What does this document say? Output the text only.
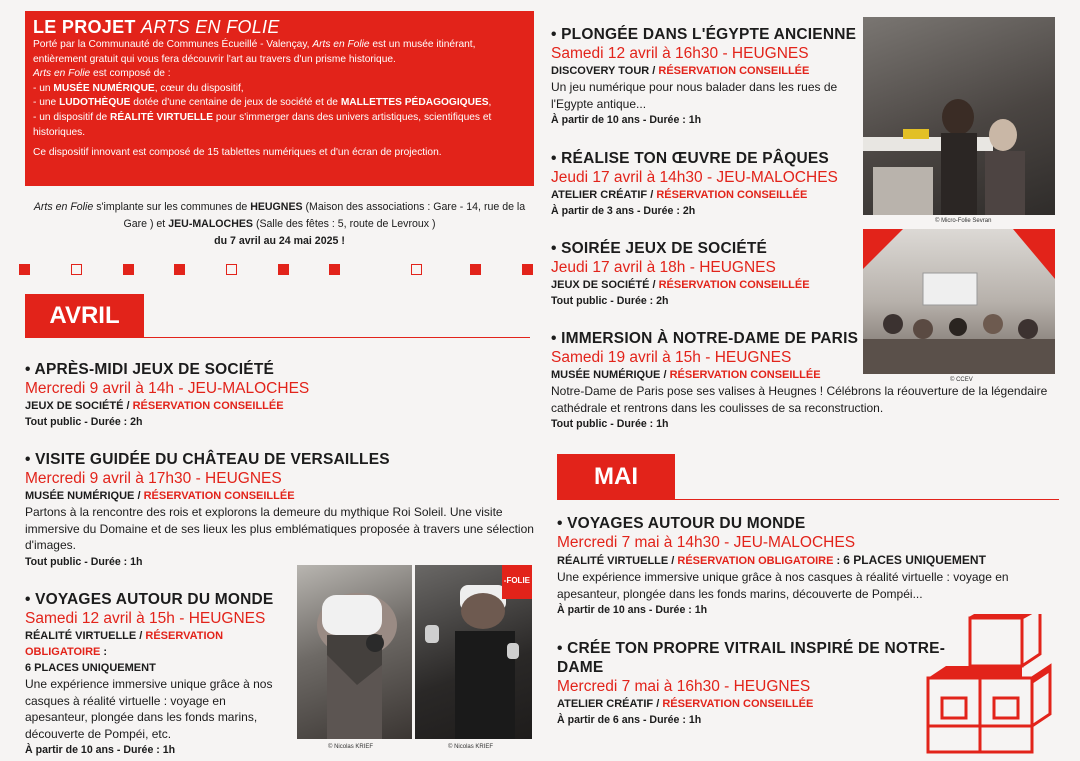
LE PROJET ARTS EN FOLIE

Porté par la Communauté de Communes Écueillé - Valençay, Arts en Folie est un musée itinérant, entièrement gratuit qui vous fera découvrir l'art au travers d'un prisme historique.

Arts en Folie est composé de :

- un MUSÉE NUMÉRIQUE, cœur du dispositif,

- une LUDOTHÈQUE dotée d'une centaine de jeux de société et de MALLETTES PÉDAGOGIQUES,

- un dispositif de RÉALITÉ VIRTUELLE pour s'immerger dans des univers artistiques, scientifiques et historiques.

Ce dispositif innovant est composé de 15 tablettes numériques et d'un écran de projection.

Arts en Folie s'implante sur les communes de HEUGNES (Maison des associations : Gare - 14, rue de la Gare ) et JEU-MALOCHES (Salle des fêtes : 5, route de Levroux )
du 7 avril au 24 mai 2025 !
AVRIL
• APRÈS-MIDI JEUX DE SOCIÉTÉ
Mercredi 9 avril à 14h - JEU-MALOCHES
JEUX DE SOCIÉTÉ / RÉSERVATION CONSEILLÉE
Tout public - Durée : 2h
• VISITE GUIDÉE DU CHÂTEAU DE VERSAILLES
Mercredi 9 avril à 17h30 - HEUGNES
MUSÉE NUMÉRIQUE / RÉSERVATION CONSEILLÉE
Partons à la rencontre des rois et explorons la demeure du mythique Roi Soleil. Une visite immersive du Domaine et de ses lieux les plus emblématiques proposée à travers une sélection d'images.
Tout public - Durée : 1h
• VOYAGES AUTOUR DU MONDE
Samedi 12 avril à 15h - HEUGNES
RÉALITÉ VIRTUELLE / RÉSERVATION OBLIGATOIRE :
6 PLACES UNIQUEMENT
Une expérience immersive unique grâce à nos casques à réalité virtuelle : voyage en apesanteur, plongée dans les fonds marins, découverte de Pompéi, etc.
À partir de 10 ans - Durée : 1h
-FOLIE
© Nicolas KRIEF	© Nicolas KRIEF
• PLONGÉE DANS L'ÉGYPTE ANCIENNE
Samedi 12 avril à 16h30 - HEUGNES
DISCOVERY TOUR / RÉSERVATION CONSEILLÉE
Un jeu numérique pour nous balader dans les rues de l'Egypte antique...
À partir de 10 ans - Durée : 1h
• RÉALISE TON ŒUVRE DE PÂQUES
Jeudi 17 avril à 14h30 - JEU-MALOCHES
ATELIER CRÉATIF / RÉSERVATION CONSEILLÉE
À partir de 3 ans - Durée : 2h
• SOIRÉE JEUX DE SOCIÉTÉ
Jeudi 17 avril à 18h - HEUGNES
JEUX DE SOCIÉTÉ / RÉSERVATION CONSEILLÉE
Tout public - Durée : 2h
• IMMERSION À NOTRE-DAME DE PARIS
Samedi 19 avril à 15h - HEUGNES
MUSÉE NUMÉRIQUE / RÉSERVATION CONSEILLÉE
Notre-Dame de Paris pose ses valises à Heugnes ! Célébrons la réouverture de la légendaire cathédrale et rentrons dans les coulisses de sa reconstruction.
Tout public - Durée : 1h
© Micro-Folie Sevran
© CCEV
MAI
• VOYAGES AUTOUR DU MONDE
Mercredi 7 mai à 14h30 - JEU-MALOCHES
RÉALITÉ VIRTUELLE / RÉSERVATION OBLIGATOIRE : 6 PLACES UNIQUEMENT
Une expérience immersive unique grâce à nos casques à réalité virtuelle : voyage en apesanteur, plongée dans les fonds marins, découverte de Pompéi...
À partir de 10 ans - Durée : 1h
• CRÉE TON PROPRE VITRAIL INSPIRÉ DE NOTRE-DAME
Mercredi 7 mai à 16h30 - HEUGNES
ATELIER CRÉATIF / RÉSERVATION CONSEILLÉE
À partir de 6 ans - Durée : 1h
